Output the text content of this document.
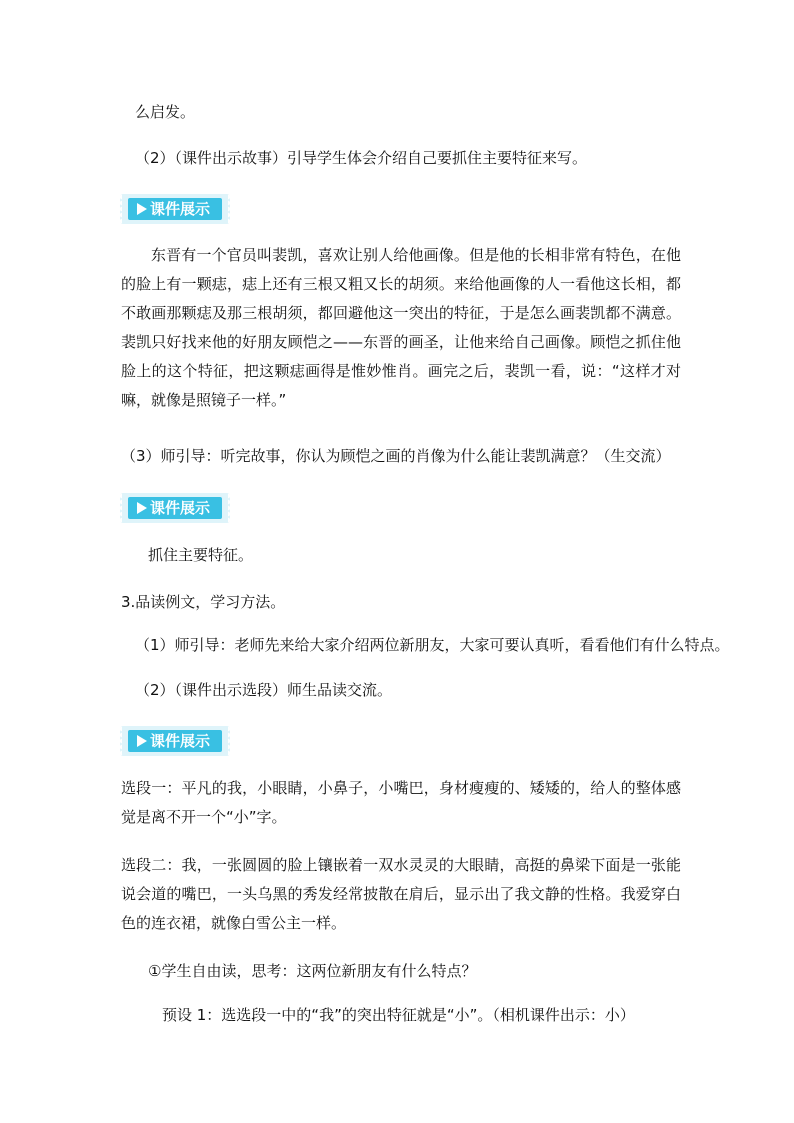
么启发。
（2）（课件出示故事）引导学生体会介绍自己要抓住主要特征来写。
课件展示
东晋有一个官员叫裴凯，喜欢让别人给他画像。但是他的长相非常有特色，在他的脸上有一颗痣，痣上还有三根又粗又长的胡须。来给他画像的人一看他这长相，都不敢画那颗痣及那三根胡须，都回避他这一突出的特征，于是怎么画裴凯都不满意。裴凯只好找来他的好朋友顾恺之——东晋的画圣，让他来给自己画像。顾恺之抓住他脸上的这个特征，把这颗痣画得是惟妙惟肖。画完之后，裴凯一看，说：“这样才对嘛，就像是照镜子一样。”
（3）师引导：听完故事，你认为顾恺之画的肖像为什么能让裴凯满意？（生交流）
课件展示
抓住主要特征。
3.品读例文，学习方法。
（1）师引导：老师先来给大家介绍两位新朋友，大家可要认真听，看看他们有什么特点。
（2）（课件出示选段）师生品读交流。
课件展示
选段一：平凡的我，小眼睛，小鼻子，小嘴巴，身材瘦瘦的、矮矮的，给人的整体感觉是离不开一个“小”字。
选段二：我，一张圆圆的脸上镶嵌着一双水灵灵的大眼睛，高挺的鼻梁下面是一张能说会道的嘴巴，一头乌黑的秀发经常披散在肩后，显示出了我文静的性格。我爱穿白色的连衣裙，就像白雪公主一样。
①学生自由读，思考：这两位新朋友有什么特点？
预设 1：选选段一中的“我”的突出特征就是“小”。（相机课件出示：小）
